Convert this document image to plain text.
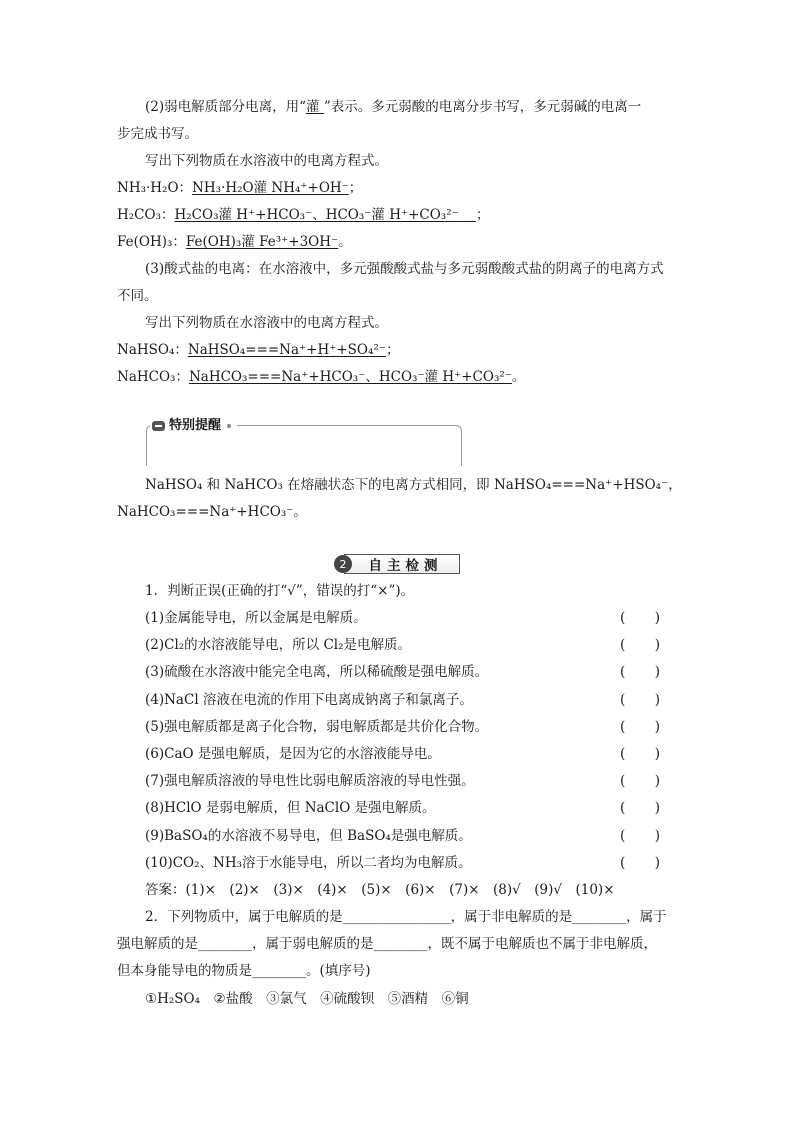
(2)弱电解质部分电离，用“灌 ”表示。多元弱酸的电离分步书写，多元弱碱的电离一
步完成书写。
写出下列物质在水溶液中的电离方程式。
NH₃·H₂O：NH₃·H₂O灌 NH₄⁺+OH⁻；
H₂CO₃：H₂CO₃灌 H⁺+HCO₃⁻、HCO₃⁻灌 H⁺+CO₃²⁻ ；
Fe(OH)₃：Fe(OH)₃灌 Fe³⁺+3OH⁻。
(3)酸式盐的电离：在水溶液中，多元强酸酸式盐与多元弱酸酸式盐的阴离子的电离方式
不同。
写出下列物质在水溶液中的电离方程式。
NaHSO₄：NaHSO₄===Na⁺+H⁺+SO₄²⁻；
NaHCO₃：NaHCO₃===Na⁺+HCO₃⁻、HCO₃⁻灌 H⁺+CO₃²⁻。
特别提醒
NaHSO₄ 和 NaHCO₃ 在熔融状态下的电离方式相同，即 NaHSO₄===Na⁺+HSO₄⁻，
NaHCO₃===Na⁺+HCO₃⁻。
2	自主检测
1．判断正误(正确的打“√”，错误的打“×”)。
(1)金属能导电，所以金属是电解质。	( )
(2)Cl₂的水溶液能导电，所以 Cl₂是电解质。	( )
(3)硫酸在水溶液中能完全电离，所以稀硫酸是强电解质。	( )
(4)NaCl 溶液在电流的作用下电离成钠离子和氯离子。	( )
(5)强电解质都是离子化合物，弱电解质都是共价化合物。	( )
(6)CaO 是强电解质，是因为它的水溶液能导电。	( )
(7)强电解质溶液的导电性比弱电解质溶液的导电性强。	( )
(8)HClO 是弱电解质，但 NaClO 是强电解质。	( )
(9)BaSO₄的水溶液不易导电，但 BaSO₄是强电解质。	( )
(10)CO₂、NH₃溶于水能导电，所以二者均为电解质。	( )
答案：(1)×　(2)×　(3)×　(4)×　(5)×　(6)×　(7)×　(8)√　(9)√　(10)×
2．下列物质中，属于电解质的是________________，属于非电解质的是________，属于
强电解质的是________，属于弱电解质的是________，既不属于电解质也不属于非电解质，
但本身能导电的物质是________。(填序号)
①H₂SO₄　②盐酸　③氯气　④硫酸钡　⑤酒精　⑥铜
